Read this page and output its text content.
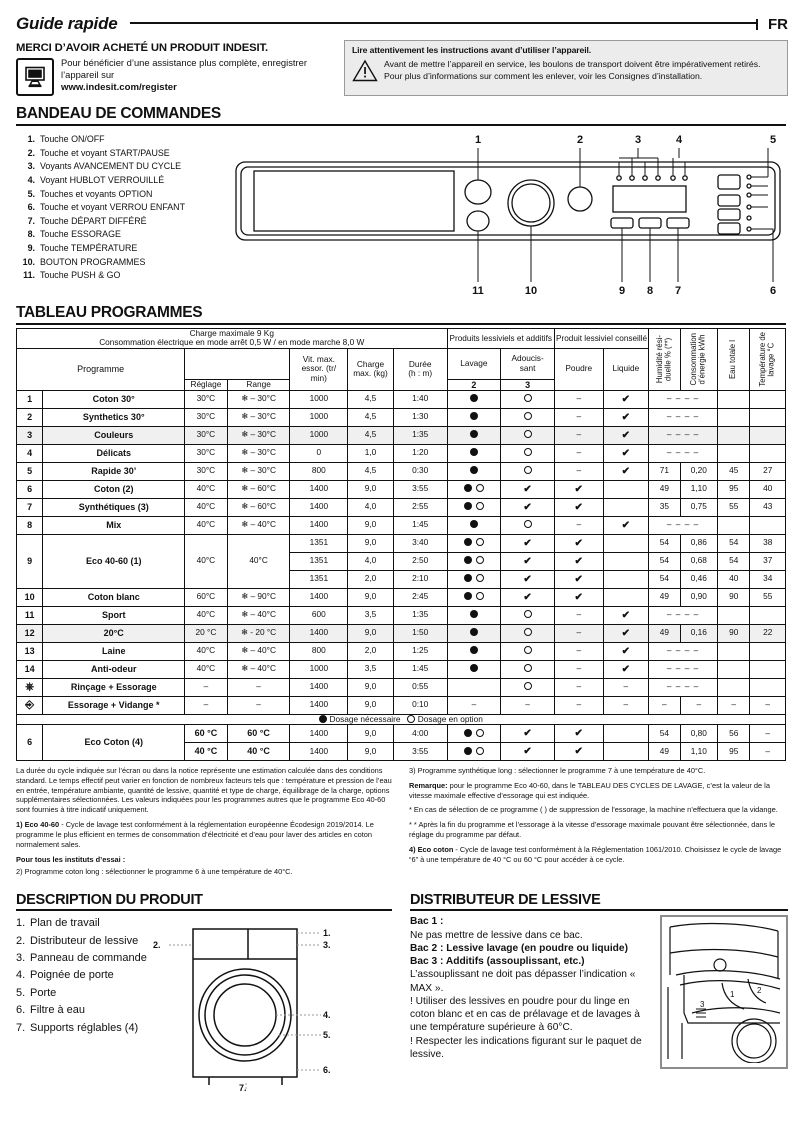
Guide rapide	FR
MERCI D’AVOIR ACHETÉ UN PRODUIT INDESIT.
Pour bénéficier d’une assistance plus complète, enregistrer
l’appareil sur
www.indesit.com/register
Lire attentivement les instructions avant d’utiliser l’appareil.
Avant de mettre l’appareil en service, les boulons de transport doivent être impérativement retirés. Pour plus d’informations sur comment les enlever, voir les Consignes d’installation.
BANDEAU DE COMMANDES
1. Touche ON/OFF
2. Touche et voyant START/PAUSE
3. Voyants AVANCEMENT DU CYCLE
4. Voyant HUBLOT VERROUILLÉ
5. Touches et voyants OPTION
6. Touche et voyant VERROU ENFANT
7. Touche DÉPART DIFFÉRÉ
8. Touche ESSORAGE
9. Touche TEMPÉRATURE
10. BOUTON PROGRAMMES
11. Touche PUSH & GO
1	2	3	4	5
11	10	9 8 7	6
TABLEAU PROGRAMMES
Charge maximale 9 Kg
Consommation électrique en mode arrêt 0,5 W / en mode marche 8,0 W							Produits lessiviels et additifs		Produit lessiviel conseillé		Humidité rési-
duelle % (**)	Consommation
d’énergie kWh	Eau totale l	Température de
lavage °C

Programme				Vit. max.
essor. (tr/
min)	Charge
max. (kg)	Durée
(h : m)	Lavage	Adoucis-
sant	Poudre	Liquide				
		Réglage	Range				2	3						
1	Coton 30°	30°C	❄ – 30°C	1000	4,5	1:40			–	✔	– – – –			
2	Synthetics 30°	30°C	❄ – 30°C	1000	4,5	1:30			–	✔	– – – –			
3	Couleurs	30°C	❄ – 30°C	1000	4,5	1:35			–	✔	– – – –			
4	Délicats	30°C	❄ – 30°C	0	1,0	1:20			–	✔	– – – –			
5	Rapide 30’	30°C	❄ – 30°C	800	4,5	0:30			–	✔	71	0,20	45	27
6	Coton (2)	40°C	❄ – 60°C	1400	9,0	3:55		✔	✔		49	1,10	95	40
7	Synthétiques (3)	40°C	❄ – 60°C	1400	4,0	2:55		✔	✔		35	0,75	55	43
8	Mix	40°C	❄ – 40°C	1400	9,0	1:45			–	✔	– – – –			
9	Eco 40-60 (1)	40°C	40°C	1351	9,0	3:40		✔	✔		54	0,86	54	38
				1351	4,0	2:50		✔	✔		54	0,68	54	37
				1351	2,0	2:10		✔	✔		54	0,46	40	34
10	Coton blanc	60°C	❄ – 90°C	1400	9,0	2:45		✔	✔		49	0,90	90	55
11	Sport	40°C	❄ – 40°C	600	3,5	1:35			–	✔	– – – –			
12	20°C	20 °C	❄ - 20 °C	1400	9,0	1:50			–	✔	49	0,16	90	22
13	Laine	40°C	❄ – 40°C	800	2,0	1:25			–	✔	– – – –			
14	Anti-odeur	40°C	❄ – 40°C	1000	3,5	1:45			–	✔	– – – –			
⎈	Rinçage + Essorage	–	–	1400	9,0	0:55			–	–	– – – –			
⎆	Essorage + Vidange *	–	–	1400	9,0	0:10	–	–	–	–	–	–	–	–
Dosage nécessaire Dosage en option														
6	Eco Coton (4)	60 °C	60 °C	1400	9,0	4:00		✔	✔		54	0,80	56	–
		40 °C	40 °C	1400	9,0	3:55		✔	✔		49	1,10	95	–

La durée du cycle indiquée sur l’écran ou dans la notice représente une estimation calculée dans des conditions standard. Le temps effectif peut varier en fonction de nombreux facteurs tels que : température et pression de l’eau en entrée, température ambiante, quantité de lessive, quantité et type de charge, équilibrage de la charge, options supplémentaires sélectionnées. Les valeurs indiquées pour les programmes autres que le programme Eco 40-60 sont fournies à titre indicatif uniquement.

1) Eco 40-60 - Cycle de lavage test conformément à la réglementation européenne Écodesign 2019/2014. Le programme le plus efficient en termes de consommation d’électricité et d’eau pour laver des articles en coton normalement sales.

Pour tous les instituts d’essai :

2) Programme coton long : sélectionner le programme 6 à une température de 40°C.

3) Programme synthétique long : sélectionner le programme 7 à une température de 40°C.

Remarque: pour le programme Eco 40-60, dans le TABLEAU DES CYCLES DE LAVAGE, c’est la valeur de la vitesse maximale effective d’essorage qui est indiquée.

* En cas de sélection de ce programme ( ) de suppression de l’essorage, la machine n’effectuera que la vidange.

* * Après la fin du programme et l’essorage à la vitesse d’essorage maximale pouvant être sélectionnée, dans le réglage du programme par défaut.

4) Eco coton - Cycle de lavage test conformément à la Réglementation 1061/2010. Choisissez le cycle de lavage “6” à une température de 40 °C ou 60 °C pour accéder à ce cycle.

DESCRIPTION DU PRODUIT
1. Plan de travail
2. Distributeur de lessive
3. Panneau de commande
4. Poignée de porte
5. Porte
6. Filtre à eau
7. Supports réglables (4)
1.
3.
2.
4.
5.
6.
7.
DISTRIBUTEUR DE LESSIVE
Bac 1 :
Ne pas mettre de lessive dans ce bac.
Bac 2 : Lessive lavage (en poudre ou liquide)
Bac 3 : Additifs (assouplissant, etc.)
L’assouplissant ne doit pas dépasser l’indication « MAX ».
! Utiliser des lessives en poudre pour du linge en coton blanc et en cas de prélavage et de lavages à une température supérieure à 60°C.
! Respecter les indications figurant sur le paquet de lessive.
1	2
3
